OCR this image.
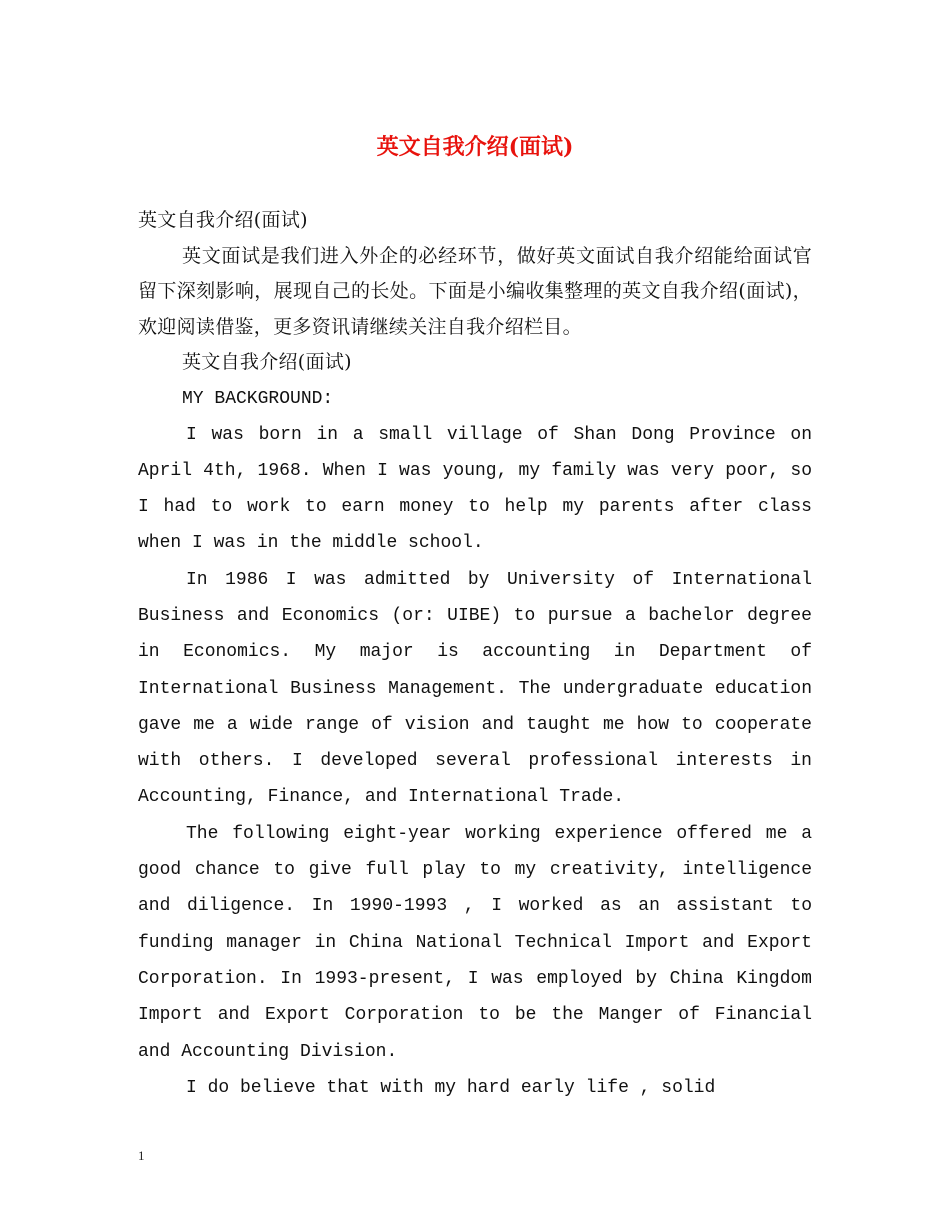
英文自我介绍(面试)

英文自我介绍(面试)

英文面试是我们进入外企的必经环节，做好英文面试自我介绍能给面试官留下深刻影响，展现自己的长处。下面是小编收集整理的英文自我介绍(面试)，欢迎阅读借鉴，更多资讯请继续关注自我介绍栏目。

英文自我介绍(面试)

MY BACKGROUND:

I was born in a small village of Shan Dong Province on April 4th, 1968. When I was young, my family was very poor, so I had to work to earn money to help my parents after class when I was in the middle school.

In 1986 I was admitted by University of International Business and Economics (or: UIBE) to pursue a bachelor degree in Economics. My major is accounting in Department of International Business Management. The undergraduate education gave me a wide range of vision and taught me how to cooperate with others. I developed several professional interests in Accounting, Finance, and International Trade.

The following eight-year working experience offered me a good chance to give full play to my creativity, intelligence and diligence. In 1990-1993 , I worked as an assistant to funding manager in China National Technical Import and Export Corporation. In 1993-present, I was employed by China Kingdom Import and Export Corporation to be the Manger of Financial and Accounting Division.

I do believe that with my hard early life , solid

1
